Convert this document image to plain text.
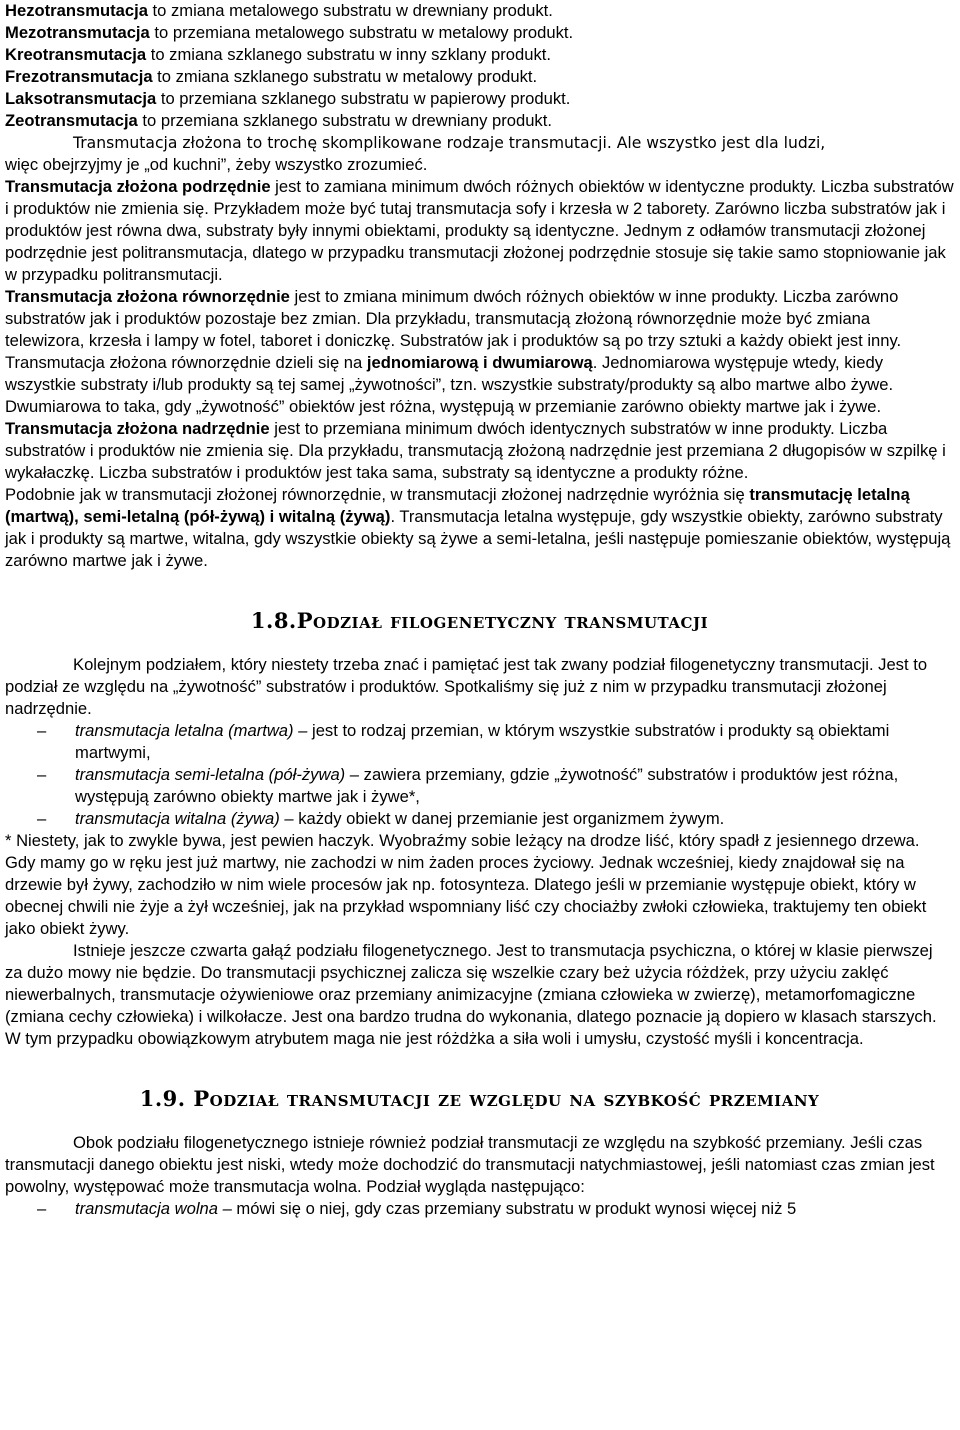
Hezotransmutacja to zmiana metalowego substratu w drewniany produkt.

Mezotransmutacja to przemiana metalowego substratu w metalowy produkt.

Kreotransmutacja to zmiana szklanego substratu w inny szklany produkt.

Frezotransmutacja to zmiana szklanego substratu w metalowy produkt.

Laksotransmutacja to przemiana szklanego substratu w papierowy produkt.

Zeotransmutacja to przemiana szklanego substratu w drewniany produkt.

Transmutacja złożona to trochę skomplikowane rodzaje transmutacji. Ale wszystko jest dla ludzi,

więc obejrzyjmy je „od kuchni”, żeby wszystko zrozumieć.

Transmutacja złożona podrzędnie jest to zamiana minimum dwóch różnych obiektów w identyczne produkty. Liczba substratów i produktów nie zmienia się. Przykładem może być tutaj transmutacja sofy i krzesła w 2 taborety. Zarówno liczba substratów jak i produktów jest równa dwa, substraty były innymi obiektami, produkty są identyczne. Jednym z odłamów transmutacji złożonej podrzędnie jest politransmutacja, dlatego w przypadku transmutacji złożonej podrzędnie stosuje się takie samo stopniowanie jak w przypadku politransmutacji.

Transmutacja złożona równorzędnie jest to zmiana minimum dwóch różnych obiektów w inne produkty. Liczba zarówno substratów jak i produktów pozostaje bez zmian. Dla przykładu, transmutacją złożoną równorzędnie może być zmiana telewizora, krzesła i lampy w fotel, taboret i doniczkę. Substratów jak i produktów są po trzy sztuki a każdy obiekt jest inny.

Transmutacja złożona równorzędnie dzieli się na jednomiarową i dwumiarową. Jednomiarowa występuje wtedy, kiedy wszystkie substraty i/lub produkty są tej samej „żywotności”, tzn. wszystkie substraty/produkty są albo martwe albo żywe. Dwumiarowa to taka, gdy „żywotność” obiektów jest różna, występują w przemianie zarówno obiekty martwe jak i żywe.

Transmutacja złożona nadrzędnie jest to przemiana minimum dwóch identycznych substratów w inne produkty. Liczba substratów i produktów nie zmienia się. Dla przykładu, transmutacją złożoną nadrzędnie jest przemiana 2 długopisów w szpilkę i wykałaczkę. Liczba substratów i produktów jest taka sama, substraty są identyczne a produkty różne.

Podobnie jak w transmutacji złożonej równorzędnie, w transmutacji złożonej nadrzędnie wyróżnia się transmutację letalną (martwą), semi-letalną (pół-żywą) i witalną (żywą). Transmutacja letalna występuje, gdy wszystkie obiekty, zarówno substraty jak i produkty są martwe, witalna, gdy wszystkie obiekty są żywe a semi-letalna, jeśli następuje pomieszanie obiektów, występują zarówno martwe jak i żywe.

1.8.Podział filogenetyczny transmutacji

Kolejnym podziałem, który niestety trzeba znać i pamiętać jest tak zwany podział filogenetyczny transmutacji. Jest to podział ze względu na „żywotność” substratów i produktów. Spotkaliśmy się już z nim w przypadku transmutacji złożonej nadrzędnie.

– transmutacja letalna (martwa) – jest to rodzaj przemian, w którym wszystkie substratów i produkty są obiektami martwymi,
– transmutacja semi-letalna (pół-żywa) – zawiera przemiany, gdzie „żywotność” substratów i produktów jest różna, występują zarówno obiekty martwe jak i żywe*,
– transmutacja witalna (żywa) – każdy obiekt w danej przemianie jest organizmem żywym.

* Niestety, jak to zwykle bywa, jest pewien haczyk. Wyobraźmy sobie leżący na drodze liść, który spadł z jesiennego drzewa. Gdy mamy go w ręku jest już martwy, nie zachodzi w nim żaden proces życiowy. Jednak wcześniej, kiedy znajdował się na drzewie był żywy, zachodziło w nim wiele procesów jak np. fotosynteza. Dlatego jeśli w przemianie występuje obiekt, który w obecnej chwili nie żyje a żył wcześniej, jak na przykład wspomniany liść czy chociażby zwłoki człowieka, traktujemy ten obiekt jako obiekt żywy.

Istnieje jeszcze czwarta gałąź podziału filogenetycznego. Jest to transmutacja psychiczna, o której w klasie pierwszej za dużo mowy nie będzie. Do transmutacji psychicznej zalicza się wszelkie czary beż użycia różdżek, przy użyciu zaklęć niewerbalnych, transmutacje ożywieniowe oraz przemiany animizacyjne (zmiana człowieka w zwierzę), metamorfomagiczne (zmiana cechy człowieka) i wilkołacze. Jest ona bardzo trudna do wykonania, dlatego poznacie ją dopiero w klasach starszych. W tym przypadku obowiązkowym atrybutem maga nie jest różdżka a siła woli i umysłu, czystość myśli i koncentracja.

1.9. Podział transmutacji ze względu na szybkość przemiany

Obok podziału filogenetycznego istnieje również podział transmutacji ze względu na szybkość przemiany. Jeśli czas transmutacji danego obiektu jest niski, wtedy może dochodzić do transmutacji natychmiastowej, jeśli natomiast czas zmian jest powolny, występować może transmutacja wolna. Podział wygląda następująco:

– transmutacja wolna – mówi się o niej, gdy czas przemiany substratu w produkt wynosi więcej niż 5
